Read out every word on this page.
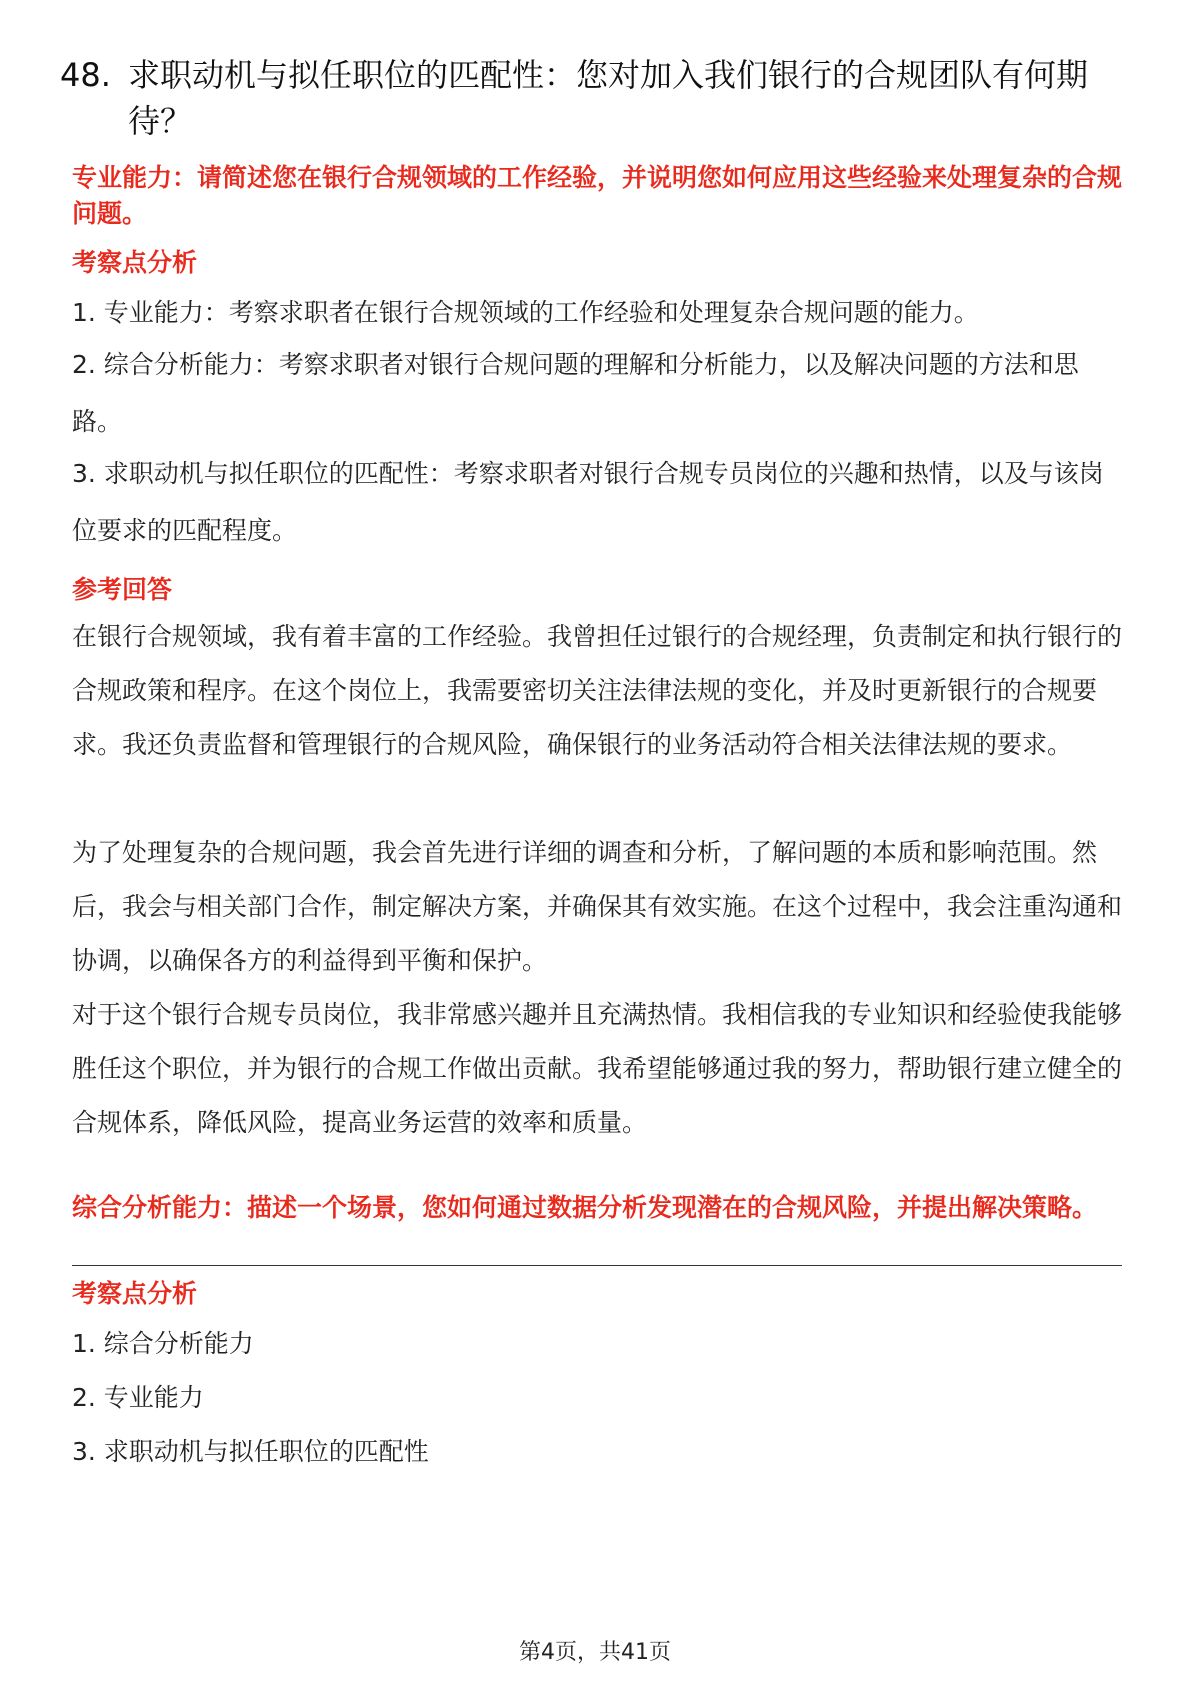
48. 求职动机与拟任职位的匹配性：您对加入我们银行的合规团队有何期待？
专业能力：请简述您在银行合规领域的工作经验，并说明您如何应用这些经验来处理复杂的合规问题。
考察点分析
1. 专业能力：考察求职者在银行合规领域的工作经验和处理复杂合规问题的能力。
2. 综合分析能力：考察求职者对银行合规问题的理解和分析能力，以及解决问题的方法和思路。
3. 求职动机与拟任职位的匹配性：考察求职者对银行合规专员岗位的兴趣和热情，以及与该岗位要求的匹配程度。
参考回答
在银行合规领域，我有着丰富的工作经验。我曾担任过银行的合规经理，负责制定和执行银行的合规政策和程序。在这个岗位上，我需要密切关注法律法规的变化，并及时更新银行的合规要求。我还负责监督和管理银行的合规风险，确保银行的业务活动符合相关法律法规的要求。
为了处理复杂的合规问题，我会首先进行详细的调查和分析，了解问题的本质和影响范围。然后，我会与相关部门合作，制定解决方案，并确保其有效实施。在这个过程中，我会注重沟通和协调，以确保各方的利益得到平衡和保护。
对于这个银行合规专员岗位，我非常感兴趣并且充满热情。我相信我的专业知识和经验使我能够胜任这个职位，并为银行的合规工作做出贡献。我希望能够通过我的努力，帮助银行建立健全的合规体系，降低风险，提高业务运营的效率和质量。
综合分析能力：描述一个场景，您如何通过数据分析发现潜在的合规风险，并提出解决策略。
考察点分析
1. 综合分析能力
2. 专业能力
3. 求职动机与拟任职位的匹配性
第4页，共41页
